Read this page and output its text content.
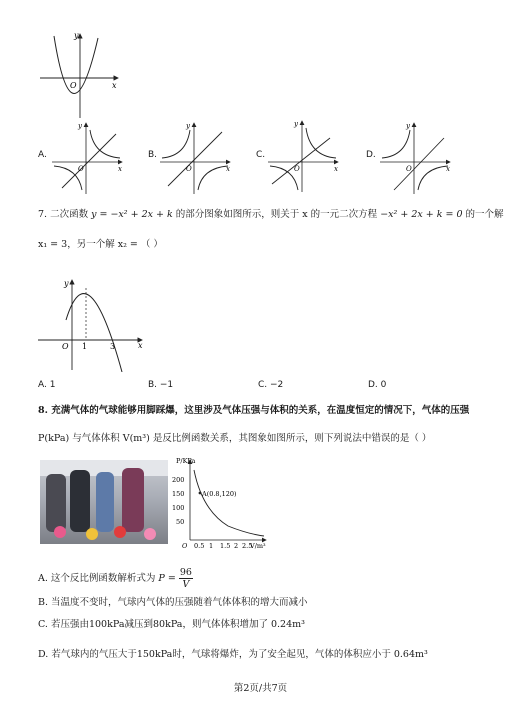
y
x
O
A.
y
x
O
B.
y
x
O
C.
y
x
O
D.
y
x
O
7. 二次函数 y = −x² + 2x + k 的部分图象如图所示，则关于 x 的一元二次方程 −x² + 2x + k = 0 的一个解
x₁ = 3，另一个解 x₂ = （ ）
y
x
O 1	3
A. 1	B. −1	C. −2	D. 0
8. 充满气体的气球能够用脚踩爆，这里涉及气体压强与体积的关系，在温度恒定的情况下，气体的压强
P(kPa) 与气体体积 V(m³) 是反比例函数关系，其图象如图所示，则下列说法中错误的是（ ）
P/KPa
V/m³
O
200
150
100
50
0.5 1 1.5 2 2.5
A(0.8,120)
A. 这个反比例函数解析式为 $P = \frac{96}{V}$
B. 当温度不变时，气球内气体的压强随着气体体积的增大而减小
C. 若压强由100kPa减压到80kPa，则气体体积增加了 0.24m³
D. 若气球内的气压大于150kPa时，气球将爆炸，为了安全起见，气体的体积应小于 0.64m³
第2页/共7页
